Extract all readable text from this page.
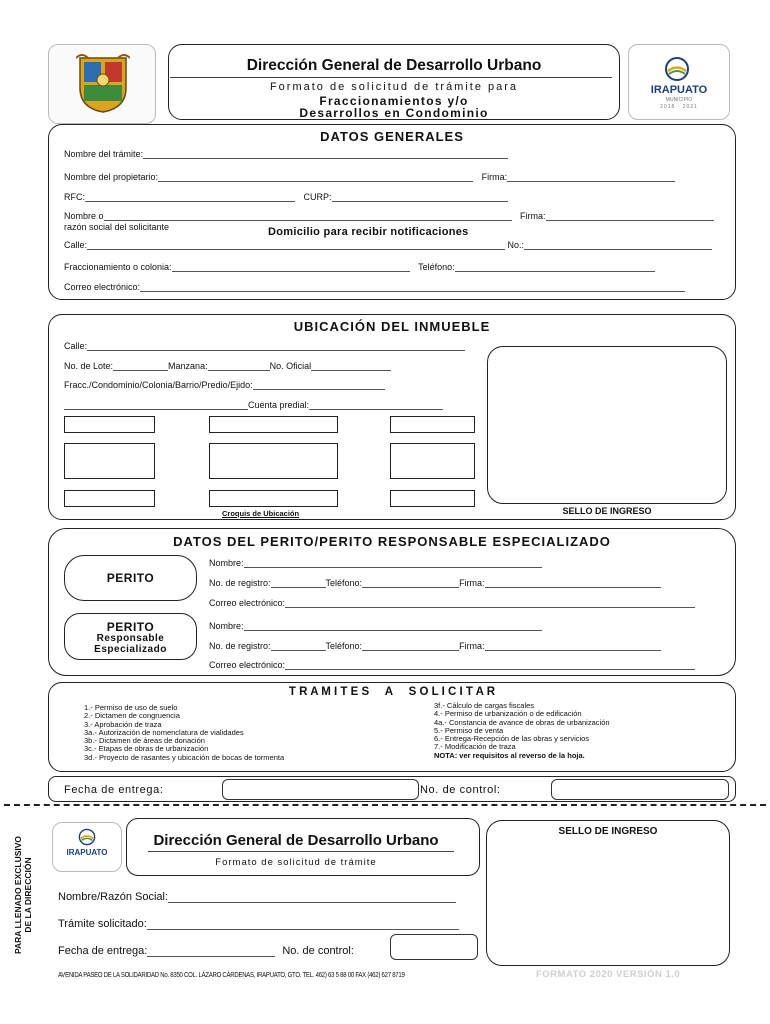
Dirección General de Desarrollo Urbano
Formato de solicitud de trámite para
Fraccionamientos y/o
Desarrollos en Condominio
IRAPUATO
MUNICIPIO
2018 · 2021
DATOS GENERALES
Nombre del trámite:
Nombre del propietario:	Firma:
RFC:	CURP:
Nombre o	Firma:
razón social del solicitante	Domicilio para recibir notificaciones
Calle:	No.:
Fraccionamiento o colonia:	Teléfono:
Correo electrónico:
UBICACIÓN DEL INMUEBLE
Calle:
No. de Lote:	Manzana:	No. Oficial
Fracc./Condominio/Colonia/Barrio/Predio/Ejido:
Cuenta predial:
Croquis de Ubicación	SELLO DE INGRESO
DATOS DEL PERITO/PERITO RESPONSABLE ESPECIALIZADO
PERITO
Nombre:
No. de registro:	Teléfono:	Firma:
Correo electrónico:
PERITO
Responsable
Especializado
Nombre:
No. de registro:	Teléfono:	Firma:
Correo electrónico:
T R A M I T E S     A     S O L I C I T A R
1.- Permiso de uso de suelo
2.- Dictamen de congruencia
3.- Aprobación de traza
3a.- Autorización de nomenclatura de vialidades
3b.- Dictamen de áreas de donación
3c.- Etapas de obras de urbanización
3d.- Proyecto de rasantes y ubicación de bocas de tormenta
3f.- Cálculo de cargas fiscales
4.- Permiso de urbanización o de edificación
4a.- Constancia de avance de obras de urbanización
5.- Permiso de venta
6.- Entrega-Recepción de las obras y servicios
7.- Modificación de traza
NOTA: ver requisitos al reverso de la hoja.
Fecha de entrega:	No. de control:
PARA LLENADO EXCLUSIVO DE LA DIRECCIÓN
IRAPUATO
Dirección General de Desarrollo Urbano
Formato de solicitud de trámite
SELLO DE INGRESO
Nombre/Razón Social:
Trámite solicitado:
Fecha de entrega:	No. de control:
AVENIDA PASEO DE LA SOLIDARIDAD No. 8350 COL. LÁZARO CÁRDENAS, IRAPUATO, GTO. TEL. 462) 63 5 88 00 FAX (462) 627 8719	FORMATO 2020 VERSIÓN 1.0
